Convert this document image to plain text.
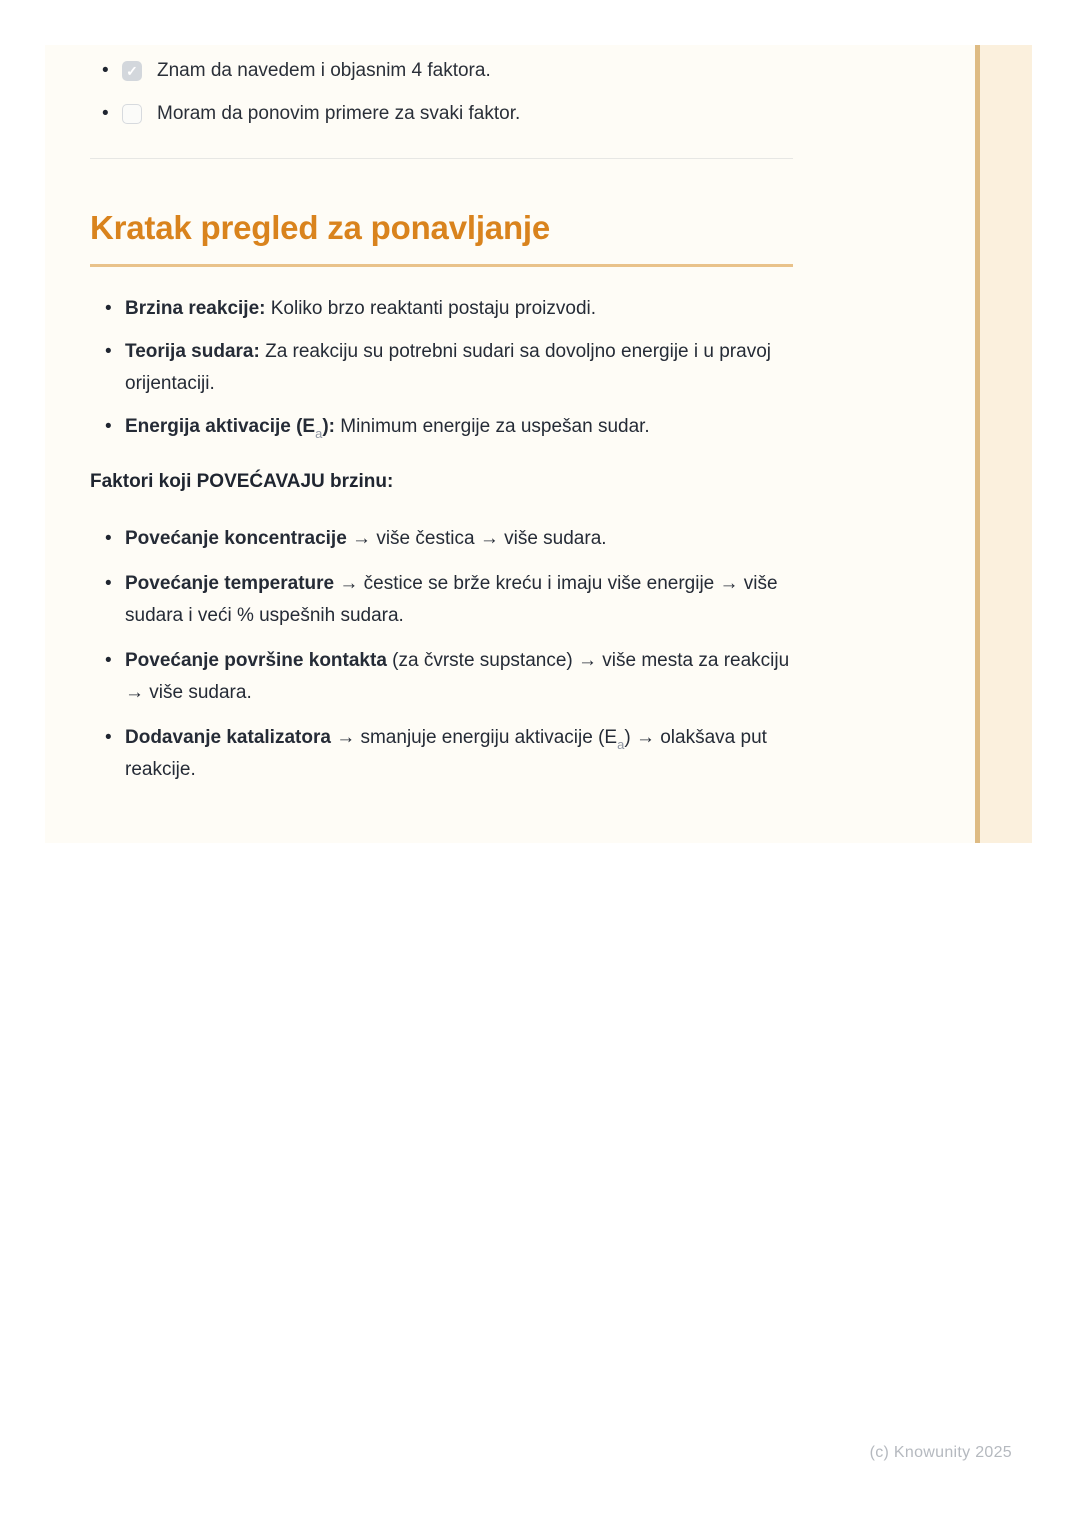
• ✓ Znam da navedem i objasnim 4 faktora.
•	Moram da ponovim primere za svaki faktor.
Kratak pregled za ponavljanje
• Brzina reakcije: Koliko brzo reaktanti postaju proizvodi.
• Teorija sudara: Za reakciju su potrebni sudari sa dovoljno energije i u pravoj orijentaciji.
• Energija aktivacije $(E_a)$: Minimum energije za uspešan sudar.
Faktori koji POVEĆAVAJU brzinu:
• Povećanje koncentracije → više čestica → više sudara.
• Povećanje temperature → čestice se brže kreću i imaju više energije → više sudara i veći % uspešnih sudara.
• Povećanje površine kontakta (za čvrste supstance) → više mesta za reakciju → više sudara.
• Dodavanje katalizatora → smanjuje energiju aktivacije $(E_a)$ → olakšava put reakcije.
(c) Knowunity 2025
